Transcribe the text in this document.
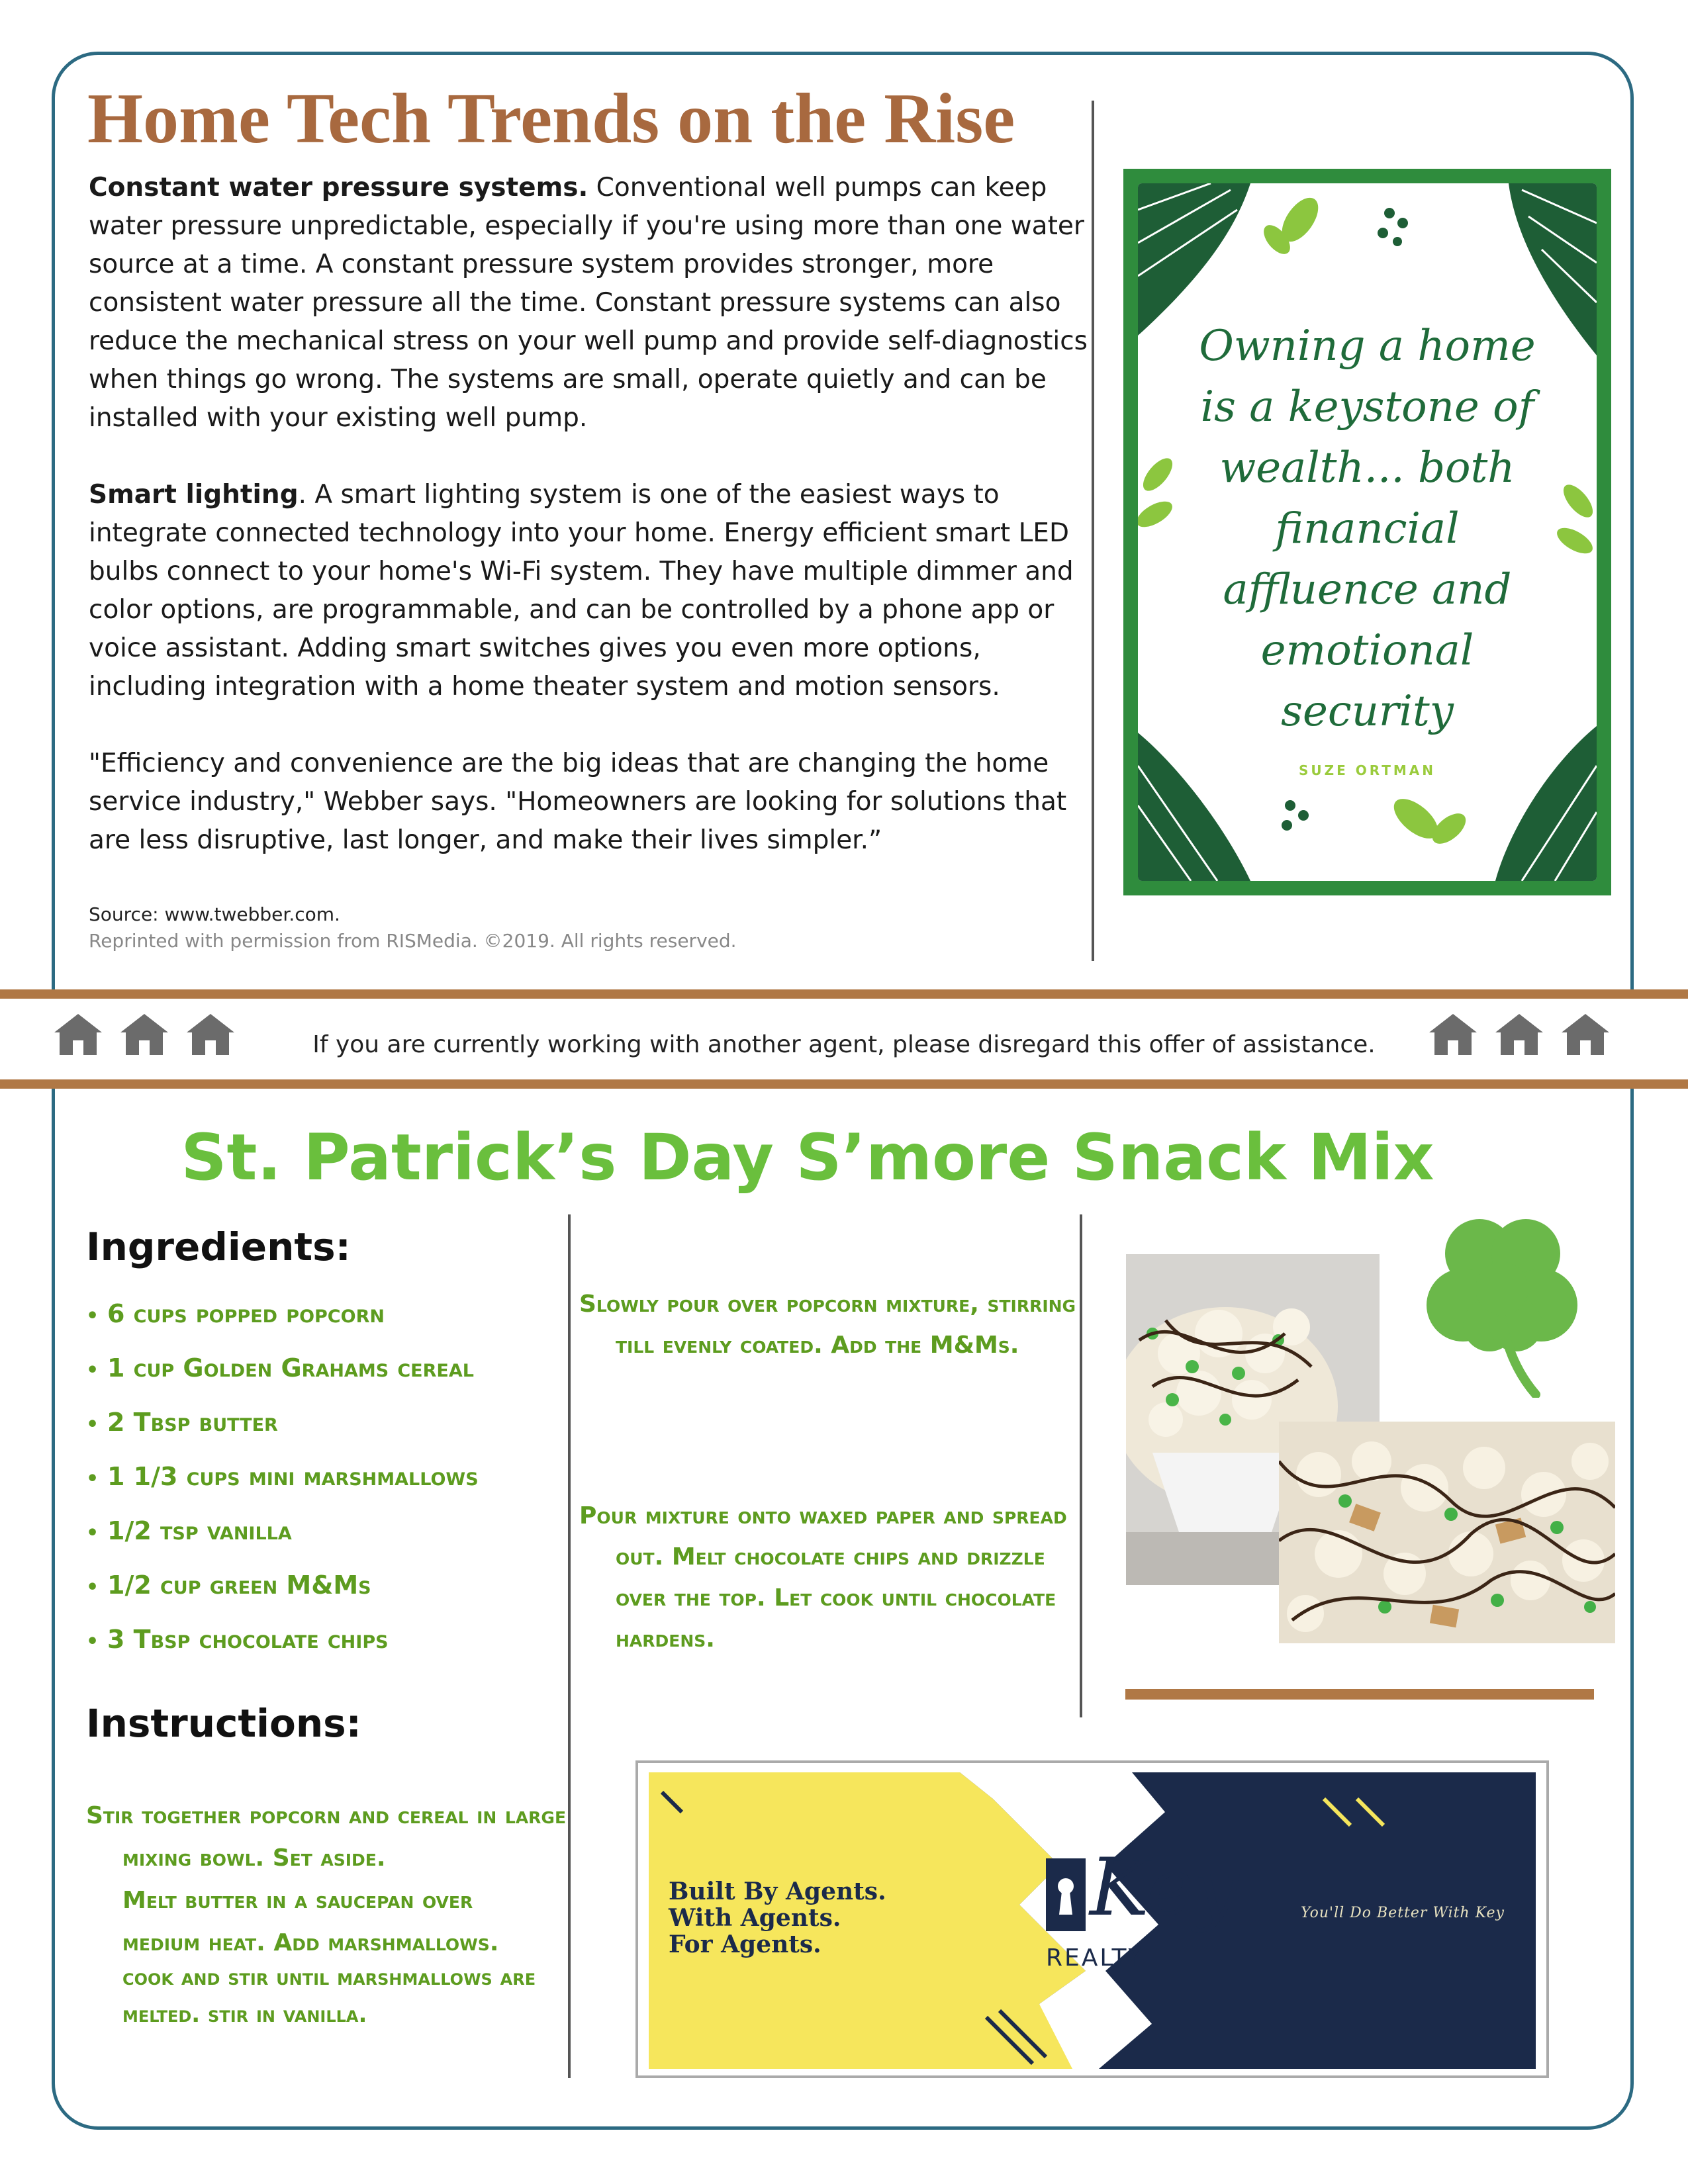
Home Tech Trends on the Rise

Constant water pressure systems. Conventional well pumps can keep water pressure unpredictable, especially if you're using more than one water source at a time. A constant pressure system provides stronger, more consistent water pressure all the time. Constant pressure systems can also reduce the mechanical stress on your well pump and provide self-diagnostics when things go wrong. The systems are small, operate quietly and can be installed with your existing well pump.

Smart lighting. A smart lighting system is one of the easiest ways to integrate connected technology into your home. Energy efficient smart LED bulbs connect to your home's Wi-Fi system. They have multiple dimmer and color options, are programmable, and can be controlled by a phone app or voice assistant. Adding smart switches gives you even more options, including integration with a home theater system and motion sensors.

"Efficiency and convenience are the big ideas that are changing the home service industry," Webber says. "Homeowners are looking for solutions that are less disruptive, last longer, and make their lives simpler.”

Source: www.twebber.com.
Reprinted with permission from RISMedia. ©2019. All rights reserved.
Owning a home is a keystone of wealth... both financial affluence and emotional security
SUZE ORTMAN
If you are currently working with another agent, please disregard this offer of assistance.
St. Patrick’s Day S’more Snack Mix
Ingredients:
• 6 cups popped popcorn
• 1 cup Golden Grahams cereal
• 2 Tbsp butter
• 1 1/3 cups mini marshmallows
• 1/2 tsp vanilla
• 1/2 cup green M&Ms
• 3 Tbsp chocolate chips
Instructions:
Stir together popcorn and cereal in large mixing bowl. Set aside.
Melt butter in a saucepan over medium heat. Add marshmallows.
cook and stir until marshmallows are melted. stir in vanilla.
Slowly pour over popcorn mixture, stirring till evenly coated. Add the M&Ms.
Pour mixture onto waxed paper and spread out. Melt chocolate chips and drizzle over the top. Let cook until chocolate hardens.
Built By Agents.
With Agents.
For Agents.
Key
REALTY
You'll Do Better With Key
